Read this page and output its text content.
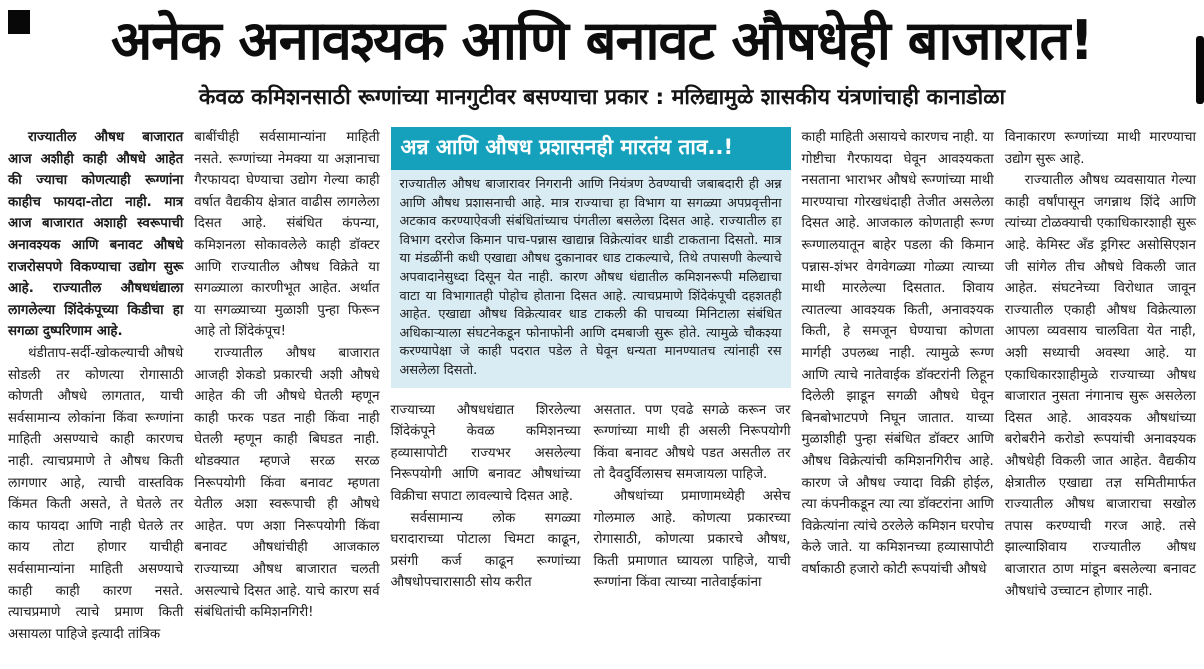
अनेक अनावश्यक आणि बनावट औषधेही बाजारात!
केवळ कमिशनसाठी रूग्णांच्या मानगुटीवर बसण्याचा प्रकार : मलिद्यामुळे शासकीय यंत्रणांचाही कानाडोळा

राज्यातील औषध बाजारात आज अशीही काही औषधे आहेत की ज्याचा कोणत्याही रूग्णांना काहीच फायदा-तोटा नाही. मात्र आज बाजारात अशाही स्वरूपाची अनावश्यक आणि बनावट औषधे राजरोसपणे विकण्याचा उद्योग सुरू आहे. राज्यातील औषधधंद्याला लागलेल्या शिंदेकंपूच्या किडीचा हा सगळा दुष्परिणाम आहे.

थंडीताप-सर्दी-खोकल्याची औषधे सोडली तर कोणत्या रोगासाठी कोणती औषधे लागतात, याची सर्वसामान्य लोकांना किंवा रूग्णांना माहिती असण्याचे काही कारणच नाही. त्याचप्रमाणे ते औषध किती लागणार आहे, त्याची वास्तविक किंमत किती असते, ते घेतले तर काय फायदा आणि नाही घेतले तर काय तोटा होणार याचीही सर्वसामान्यांना माहिती असण्याचे काही काही कारण नसते. त्याचप्रमाणे त्याचे प्रमाण किती असायला पाहिजे इत्यादी तांत्रिक

बाबींचीही सर्वसामान्यांना माहिती नसते. रूग्णांच्या नेमक्या या अज्ञानाचा गैरफायदा घेण्याचा उद्योग गेल्या काही वर्षात वैद्यकीय क्षेत्रात वाढीस लागलेला दिसत आहे. संबंधित कंपन्या, कमिशनला सोकावलेले काही डॉक्टर आणि राज्यातील औषध विक्रेते या सगळ्याला कारणीभूत आहेत. अर्थात या सगळ्याच्या मुळाशी पुन्हा फिरून आहे तो शिंदेकंपूच!

राज्यातील औषध बाजारात आजही शेकडो प्रकारची अशी औषधे आहेत की जी औषधे घेतली म्हणून काही फरक पडत नाही किंवा नाही घेतली म्हणून काही बिघडत नाही. थोडक्यात म्हणजे सरळ सरळ निरूपयोगी किंवा बनावट म्हणता येतील अशा स्वरूपाची ही औषधे आहेत. पण अशा निरूपयोगी किंवा बनावट औषधांचीही आजकाल राज्याच्या औषध बाजारात चलती असल्याचे दिसत आहे. याचे कारण सर्व संबंधितांची कमिशनगिरी!

अन्न आणि औषध प्रशासनही मारतंय ताव..!
राज्यातील औषध बाजारावर निगरानी आणि नियंत्रण ठेवण्याची जबाबदारी ही अन्न आणि औषध प्रशासनाची आहे. मात्र राज्याचा हा विभाग या सगळ्या अपप्रवृत्तीना अटकाव करण्याऐवजी संबंधितांच्याच पंगतीला बसलेला दिसत आहे. राज्यातील हा विभाग दररोज किमान पाच-पन्नास खाद्यान्न विक्रेत्यांवर धाडी टाकताना दिसतो. मात्र या मंडळींनी कधी एखाद्या औषध दुकानावर धाड टाकल्याचे, तिथे तपासणी केल्याचे अपवादानेसुध्दा दिसून येत नाही. कारण औषध धंद्यातील कमिशनरूपी मलिद्याचा वाटा या विभागातही पोहोच होताना दिसत आहे. त्याचप्रमाणे शिंदेकंपूची दहशतही आहेत. एखाद्या औषध विक्रेत्यावर धाड टाकली की पाचव्या मिनिटाला संबंधित अधिकाऱ्याला संघटनेकडून फोनाफोनी आणि दमबाजी सुरू होते. त्यामुळे चौकश्या करण्यापेक्षा जे काही पदरात पडेल ते घेवून धन्यता मानण्यातच त्यांनाही रस असलेला दिसतो.

राज्याच्या औषधधंद्यात शिरलेल्या शिंदेकंपूने केवळ कमिशनच्या हव्यासापोटी राज्यभर असलेल्या निरूपयोगी आणि बनावट औषधांच्या विक्रीचा सपाटा लावल्याचे दिसत आहे.

सर्वसामान्य लोक सगळ्या घरादाराच्या पोटाला चिमटा काढून, प्रसंगी कर्ज काढून रूग्णांच्या औषधोपचारासाठी सोय करीत

असतात. पण एवढे सगळे करून जर रूग्णांच्या माथी ही असली निरूपयोगी किंवा बनावट औषधे पडत असतील तर तो दैवदुर्विलासच समजायला पाहिजे.

औषधांच्या प्रमाणामध्येही असेच गोलमाल आहे. कोणत्या प्रकारच्या रोगासाठी, कोणत्या प्रकारचे औषध, किती प्रमाणात घ्यायला पाहिजे, याची रूग्णांना किंवा त्याच्या नातेवाईकांना

काही माहिती असायचे कारणच नाही. या गोष्टीचा गैरफायदा घेवून आवश्यकता नसताना भाराभर औषधे रूग्णांच्या माथी मारण्याचा गोरखधंदाही तेजीत असलेला दिसत आहे. आजकाल कोणताही रूग्ण रूग्णालयातून बाहेर पडला की किमान पन्नास-शंभर वेगवेगळ्या गोळ्या त्याच्या माथी मारलेल्या दिसतात. शिवाय त्यातल्या आवश्यक किती, अनावश्यक किती, हे समजून घेण्याचा कोणता मार्गही उपलब्ध नाही. त्यामुळे रूग्ण आणि त्याचे नातेवाईक डॉक्टरांनी लिहून दिलेली झाडून सगळी औषधे घेवून बिनबोभाटपणे निघून जातात. याच्या मुळाशीही पुन्हा संबंधित डॉक्टर आणि औषध विक्रेत्यांची कमिशनगिरीच आहे. कारण जे औषध ज्यादा विक्री होईल, त्या कंपनीकडून त्या त्या डॉक्टरांना आणि विक्रेत्यांना त्यांचे ठरलेले कमिशन घरपोच केले जाते. या कमिशनच्या हव्यासापोटी वर्षाकाठी हजारो कोटी रूपयांची औषधे

विनाकारण रूग्णांच्या माथी मारण्याचा उद्योग सुरू आहे.

राज्यातील औषध व्यवसायात गेल्या काही वर्षांपासून जगन्नाथ शिंदे आणि त्यांच्या टोळक्याची एकाधिकारशाही सुरू आहे. केमिस्ट अँड ड्रगिस्ट असोसिएशन जी सांगेल तीच औषधे विकली जात आहेत. संघटनेच्या विरोधात जावून राज्यातील एकाही औषध विक्रेत्याला आपला व्यवसाय चालविता येत नाही, अशी सध्याची अवस्था आहे. या एकाधिकारशाहीमुळे राज्याच्या औषध बाजारात नुसता नंगानाच सुरू असलेला दिसत आहे. आवश्यक औषधांच्या बरोबरीने करोडो रूपयांची अनावश्यक औषधेही विकली जात आहेत. वैद्यकीय क्षेत्रातील एखाद्या तज्ञ समितीमार्फत राज्यातील औषध बाजाराचा सखोल तपास करण्याची गरज आहे. तसे झाल्याशिवाय राज्यातील औषध बाजारात ठाण मांडून बसलेल्या बनावट औषधांचे उच्चाटन होणार नाही.
